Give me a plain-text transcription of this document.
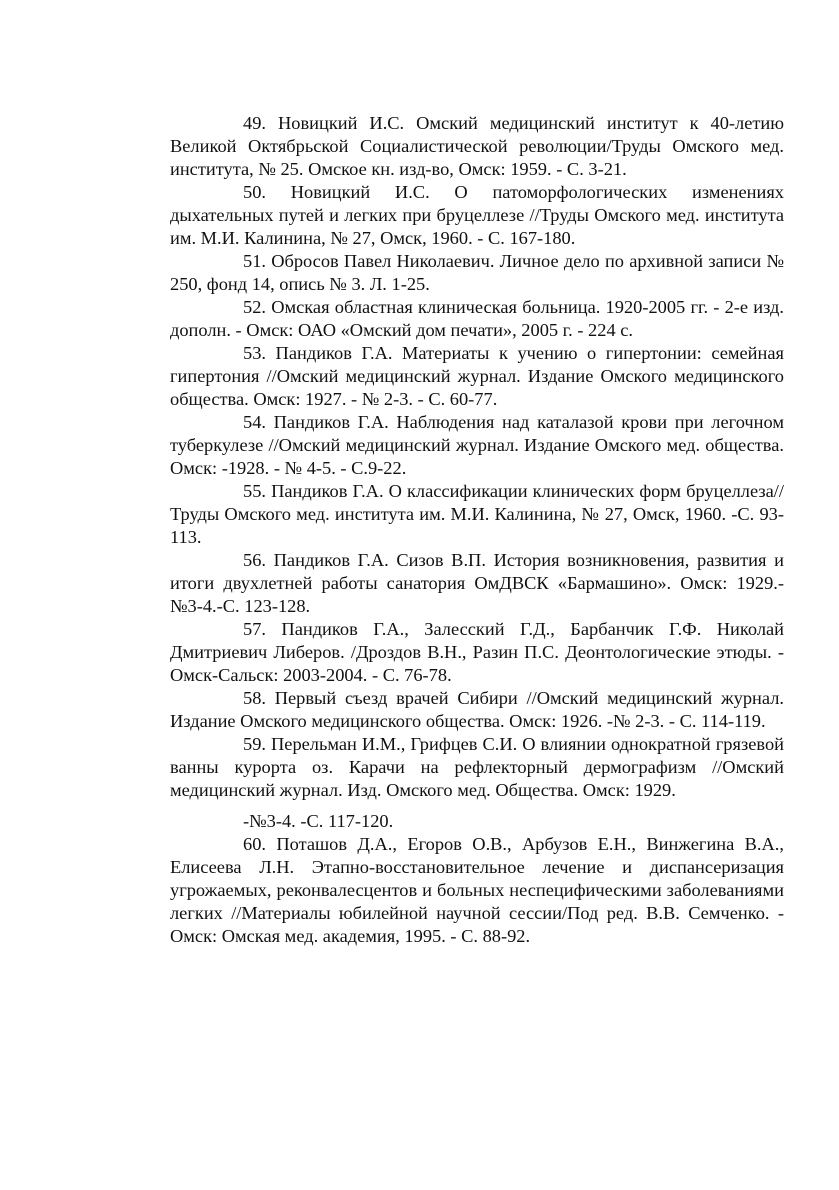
49. Новицкий И.С. Омский медицинский институт к 40-летию Великой Октябрьской Социалистической революции/Труды Омского мед. института, № 25. Омское кн. изд-во, Омск: 1959. - С. 3-21.

50. Новицкий И.С. О патоморфологических изменениях дыхательных путей и легких при бруцеллезе //Труды Омского мед. института им. М.И. Калинина, № 27, Омск, 1960. - С. 167-180.

51. Обросов Павел Николаевич. Личное дело по архивной записи № 250, фонд 14, опись № 3. Л. 1-25.

52. Омская областная клиническая больница. 1920-2005 гг. - 2-е изд. дополн. - Омск: ОАО «Омский дом печати», 2005 г. - 224 с.

53. Пандиков Г.А. Материаты к учению о гипертонии: семейная гипертония //Омский медицинский журнал. Издание Омского медицинского общества. Омск: 1927. - № 2-3. - С. 60-77.

54. Пандиков Г.А. Наблюдения над каталазой крови при легочном туберкулезе //Омский медицинский журнал. Издание Омского мед. общества. Омск: -1928. - № 4-5. - С.9-22.

55. Пандиков Г.А. О классификации клинических форм бруцеллеза// Труды Омского мед. института им. М.И. Калинина, № 27, Омск, 1960. -С. 93-113.

56. Пандиков Г.А. Сизов В.П. История возникновения, развития и итоги двухлетней работы санатория ОмДВСК «Бармашино». Омск: 1929.-№3-4.-С. 123-128.

57. Пандиков Г.А., Залесский Г.Д., Барбанчик Г.Ф. Николай Дмитриевич Либеров. /Дроздов В.Н., Разин П.С. Деонтологические этюды. - Омск-Сальск: 2003-2004. - С. 76-78.

58. Первый съезд врачей Сибири //Омский медицинский журнал. Издание Омского медицинского общества. Омск: 1926. -№ 2-3. - С. 114-119.

59. Перельман И.М., Грифцев С.И. О влиянии однократной грязевой ванны курорта оз. Карачи на рефлекторный дермографизм //Омский медицинский журнал. Изд. Омского мед. Общества. Омск: 1929.

-№3-4. -С. 117-120.

60. Поташов Д.А., Егоров О.В., Арбузов Е.Н., Винжегина В.А., Елисеева Л.Н. Этапно-восстановительное лечение и диспансеризация угрожаемых, реконвалесцентов и больных неспецифическими заболеваниями легких //Материалы юбилейной научной сессии/Под ред. В.В. Семченко. - Омск: Омская мед. академия, 1995. - С. 88-92.
